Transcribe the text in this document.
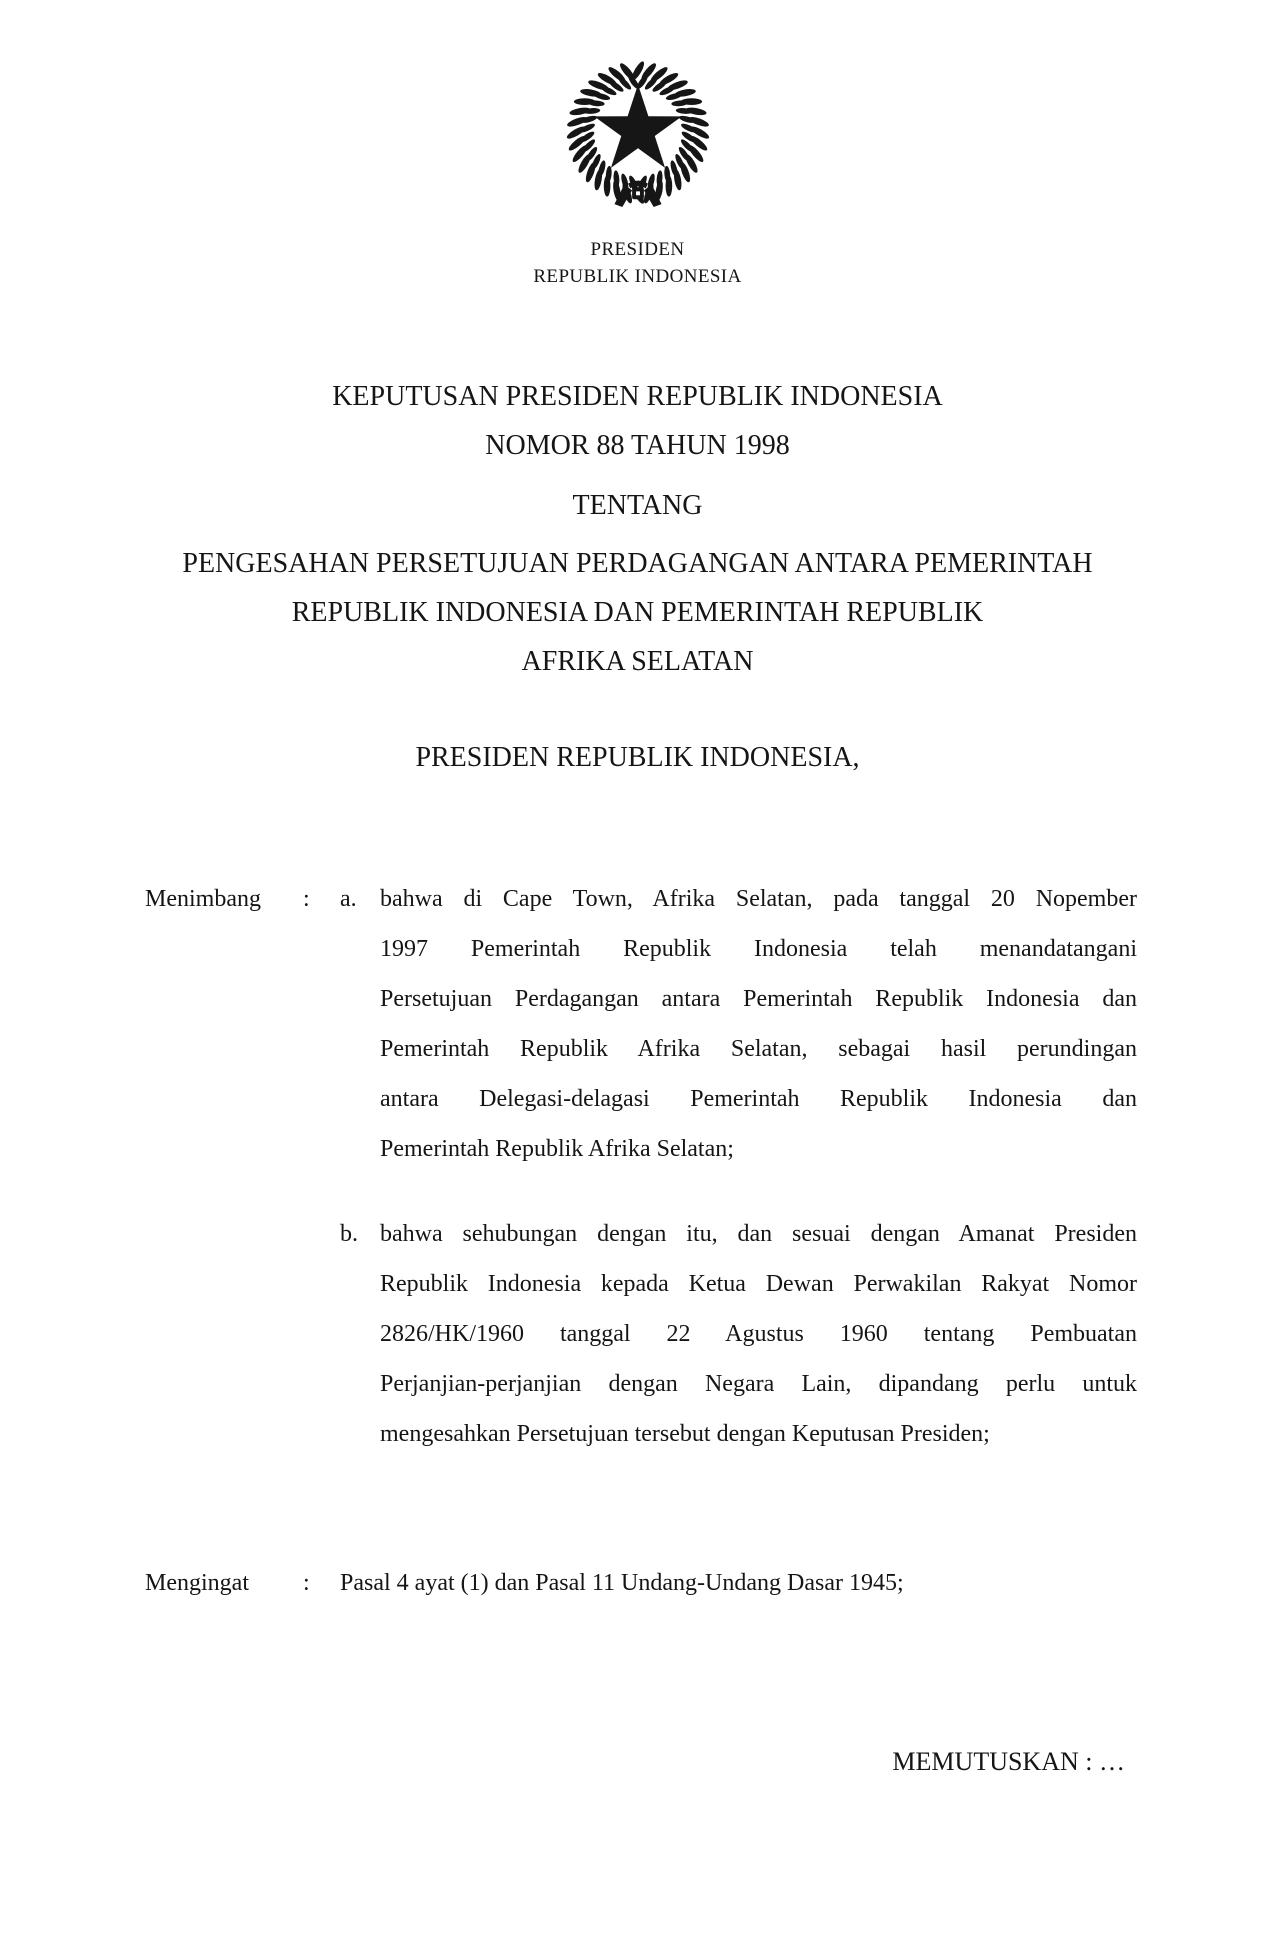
PRESIDEN
REPUBLIK INDONESIA
KEPUTUSAN PRESIDEN REPUBLIK INDONESIA
NOMOR 88 TAHUN 1998
TENTANG
PENGESAHAN PERSETUJUAN PERDAGANGAN ANTARA PEMERINTAH
REPUBLIK INDONESIA DAN PEMERINTAH REPUBLIK
AFRIKA SELATAN
PRESIDEN REPUBLIK INDONESIA,
Menimbang	:	a. bahwa di Cape Town, Afrika Selatan, pada tanggal 20 Nopember
1997 Pemerintah Republik Indonesia telah menandatangani
Persetujuan Perdagangan antara Pemerintah Republik Indonesia dan
Pemerintah Republik Afrika Selatan, sebagai hasil perundingan
antara Delegasi-delagasi Pemerintah Republik Indonesia dan
Pemerintah Republik Afrika Selatan;
b. bahwa sehubungan dengan itu, dan sesuai dengan Amanat Presiden
Republik Indonesia kepada Ketua Dewan Perwakilan Rakyat Nomor
2826/HK/1960 tanggal 22 Agustus 1960 tentang Pembuatan
Perjanjian-perjanjian dengan Negara Lain, dipandang perlu untuk
mengesahkan Persetujuan tersebut dengan Keputusan Presiden;
Mengingat	:	Pasal 4 ayat (1) dan Pasal 11 Undang-Undang Dasar 1945;
MEMUTUSKAN : …
